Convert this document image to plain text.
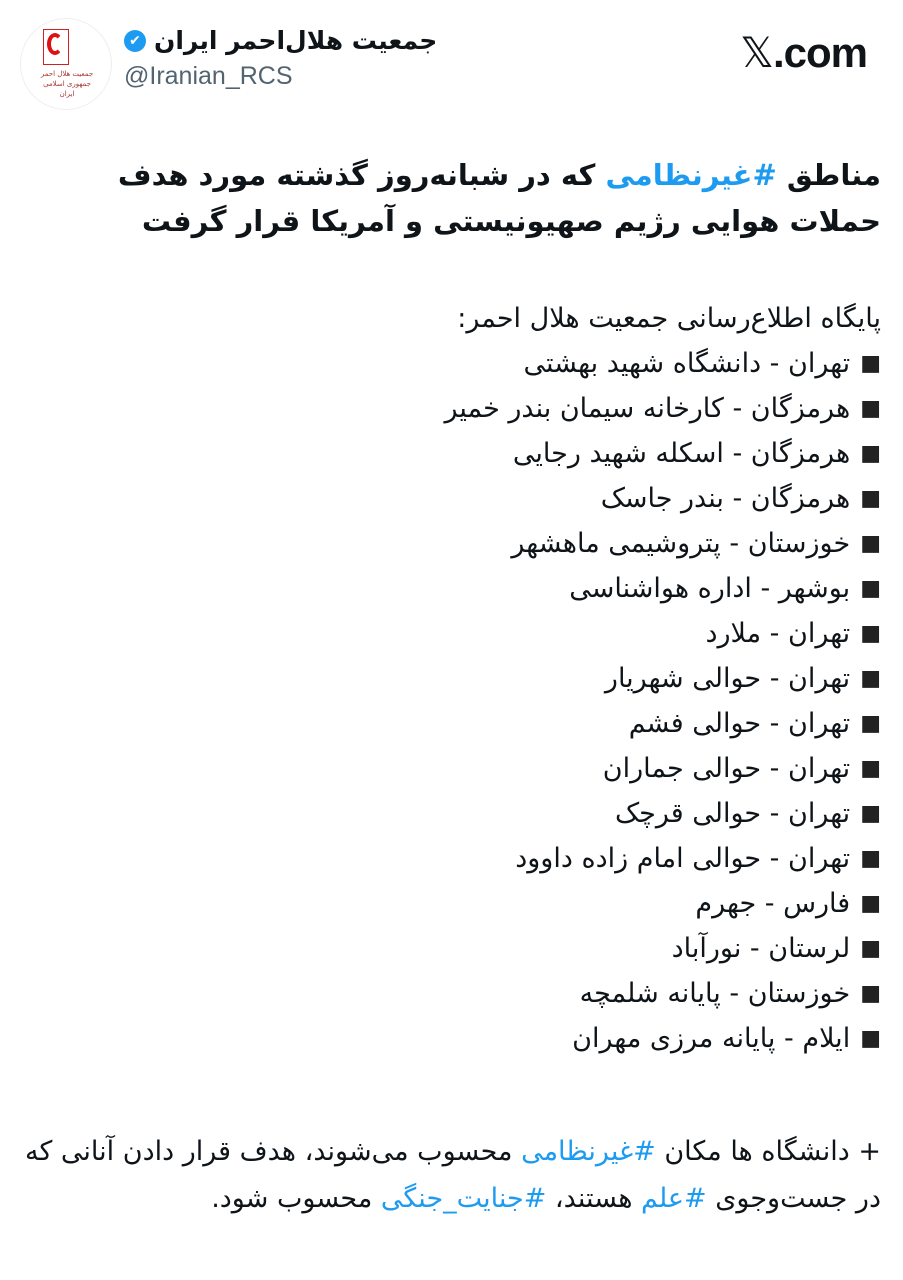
جمعیت هلال احمر جمهوری اسلامی ایران
✔ جمعیت هلال‌احمر ایران
@Iranian_RCS	𝕏.com
مناطق #غیرنظامی که در شبانه‌روز گذشته مورد هدف حملات هوایی رژیم صهیونیستی و آمریکا قرار گرفت
پایگاه اطلاع‌رسانی جمعیت هلال احمر:
■
تهران - دانشگاه شهید بهشتی
■
هرمزگان - کارخانه سیمان بندر خمیر
■
هرمزگان - اسکله شهید رجایی
■
هرمزگان - بندر جاسک
■
خوزستان - پتروشیمی ماهشهر
■
بوشهر - اداره هواشناسی
■
تهران - ملارد
■
تهران - حوالی شهریار
■
تهران - حوالی فشم
■
تهران - حوالی جماران
■
تهران - حوالی قرچک
■
تهران - حوالی امام زاده داوود
■
فارس - جهرم
■
لرستان - نورآباد
■
خوزستان - پایانه شلمچه
■
ایلام - پایانه مرزی مهران
+ دانشگاه ها مکان #غیرنظامی محسوب می‌شوند، هدف قرار دادن آنانی که در جست‌وجوی #علم هستند، #جنایت_جنگی محسوب شود.
